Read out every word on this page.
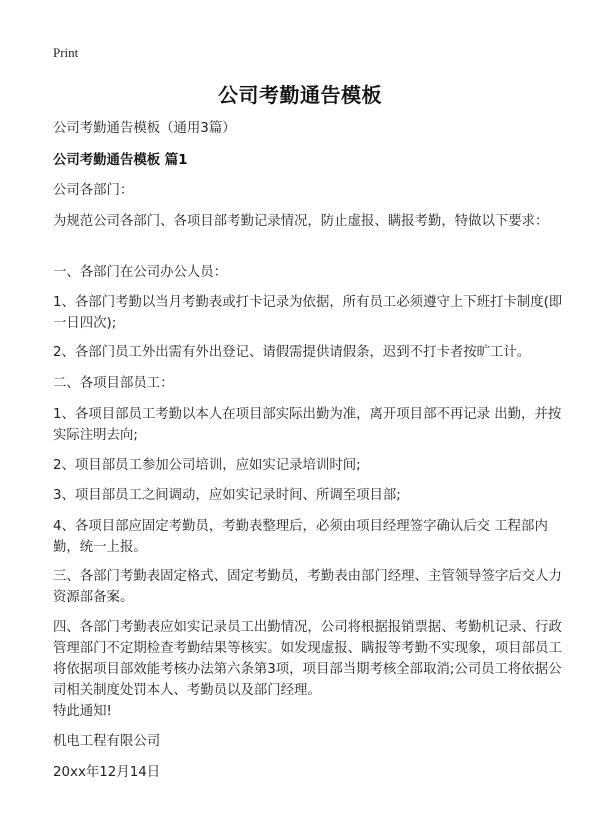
Print
公司考勤通告模板
公司考勤通告模板（通用3篇）
公司考勤通告模板 篇1
公司各部门：
为规范公司各部门、各项目部考勤记录情况，防止虚报、瞒报考勤，特做以下要求：
一、各部门在公司办公人员：
1、各部门考勤以当月考勤表或打卡记录为依据，所有员工必须遵守上下班打卡制度(即一日四次);
2、各部门员工外出需有外出登记、请假需提供请假条，迟到不打卡者按旷工计。
二、各项目部员工：
1、各项目部员工考勤以本人在项目部实际出勤为准，离开项目部不再记录 出勤，并按实际注明去向;
2、项目部员工参加公司培训，应如实记录培训时间;
3、项目部员工之间调动，应如实记录时间、所调至项目部;
4、各项目部应固定考勤员，考勤表整理后，必须由项目经理签字确认后交 工程部内勤，统一上报。
三、各部门考勤表固定格式、固定考勤员，考勤表由部门经理、主管领导签字后交人力资源部备案。
四、各部门考勤表应如实记录员工出勤情况，公司将根据报销票据、考勤机记录、行政管理部门不定期检查考勤结果等核实。如发现虚报、瞒报等考勤不实现象，项目部员工将依据项目部效能考核办法第六条第3项，项目部当期考核全部取消;公司员工将依据公司相关制度处罚本人、考勤员以及部门经理。
特此通知!
机电工程有限公司
20xx年12月14日
